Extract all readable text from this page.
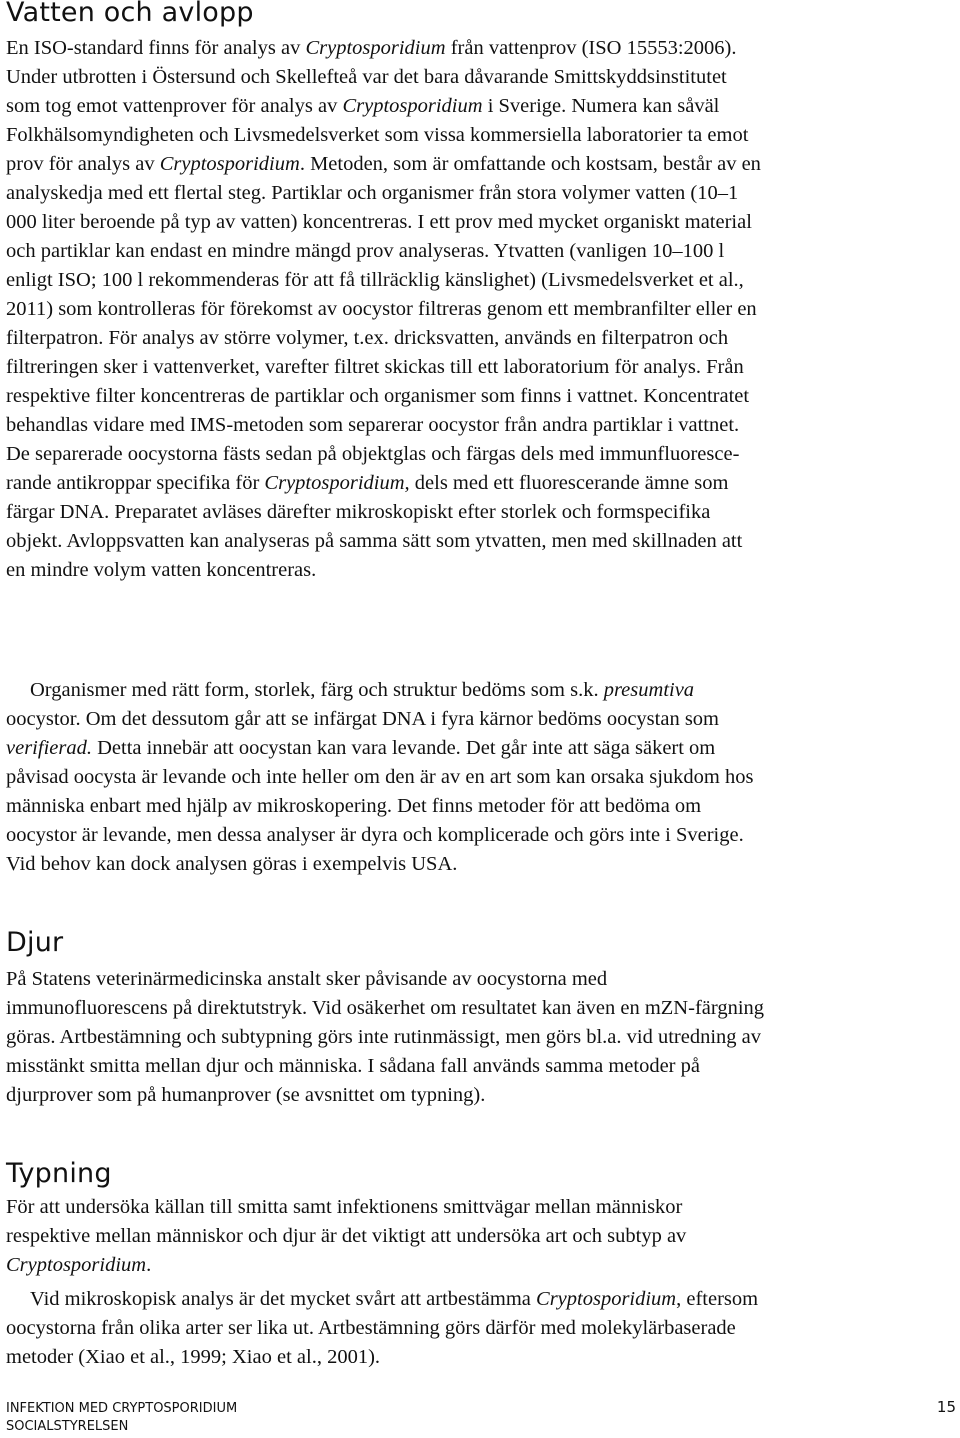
Vatten och avlopp

En ISO-standard finns för analys av Cryptosporidium från vattenprov (ISO 15553:2006). Under utbrotten i Östersund och Skellefteå var det bara dåvarande Smittskyddsinstitutet som tog emot vattenprover för analys av Cryptosporidium i Sverige. Numera kan såväl Folkhälsomyndigheten och Livsmedelsverket som vissa kommersiella laboratorier ta emot prov för analys av Cryptosporidium. Metoden, som är omfattande och kostsam, består av en analyskedja med ett flertal steg. Partiklar och organismer från stora volymer vatten (10–1 000 liter beroende på typ av vatten) koncentreras. I ett prov med mycket organiskt material och partiklar kan endast en mindre mängd prov analyseras. Ytvatten (vanligen 10–100 l enligt ISO; 100 l rekommenderas för att få tillräcklig känslighet) (Livsmedelsverket et al., 2011) som kontrolleras för förekomst av oocystor filtreras genom ett membranfilter eller en filterpatron. För analys av större volymer, t.ex. dricksvatten, används en filterpatron och filtreringen sker i vattenverket, varefter filtret skickas till ett laboratorium för analys. Från respektive filter koncentreras de partiklar och organismer som finns i vattnet. Koncentratet behandlas vidare med IMS-metoden som separerar oocystor från andra partiklar i vattnet. De separerade oocystorna fästs sedan på objektglas och färgas dels med immunfluorescerande antikroppar specifika för Cryptosporidium, dels med ett fluorescerande ämne som färgar DNA. Preparatet avläses därefter mikroskopiskt efter storlek och formspecifika objekt. Avloppsvatten kan analyseras på samma sätt som ytvatten, men med skillnaden att en mindre volym vatten koncentreras.

Organismer med rätt form, storlek, färg och struktur bedöms som s.k. presumtiva oocystor. Om det dessutom går att se infärgat DNA i fyra kärnor bedöms oocystan som verifierad. Detta innebär att oocystan kan vara levande. Det går inte att säga säkert om påvisad oocysta är levande och inte heller om den är av en art som kan orsaka sjukdom hos människa enbart med hjälp av mikroskopering. Det finns metoder för att bedöma om oocystor är levande, men dessa analyser är dyra och komplicerade och görs inte i Sverige. Vid behov kan dock analysen göras i exempelvis USA.

Djur

På Statens veterinärmedicinska anstalt sker påvisande av oocystorna med immunofluorescens på direktutstryk. Vid osäkerhet om resultatet kan även en mZN-färgning göras. Artbestämning och subtypning görs inte rutinmässigt, men görs bl.a. vid utredning av misstänkt smitta mellan djur och människa. I sådana fall används samma metoder på djurprover som på humanprover (se avsnittet om typning).

Typning

För att undersöka källan till smitta samt infektionens smittvägar mellan människor respektive mellan människor och djur är det viktigt att undersöka art och subtyp av Cryptosporidium.

Vid mikroskopisk analys är det mycket svårt att artbestämma Cryptosporidium, eftersom oocystorna från olika arter ser lika ut. Artbestämning görs därför med molekylärbaserade metoder (Xiao et al., 1999; Xiao et al., 2001).

INFEKTION MED CRYPTOSPORIDIUM
SOCIALSTYRELSEN
15
